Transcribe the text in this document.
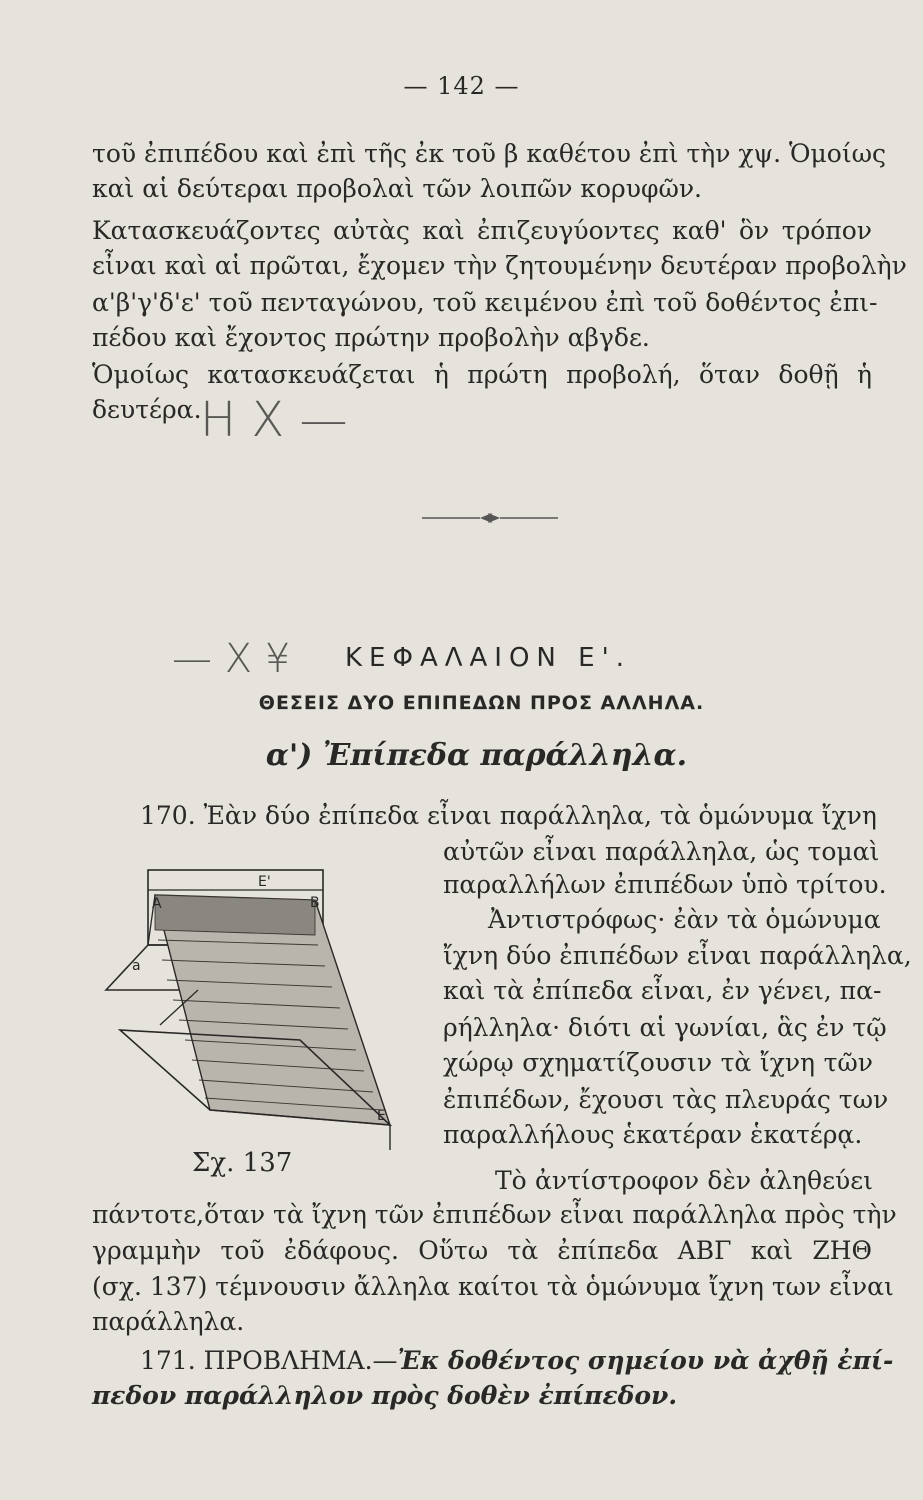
— 142 —
τοῦ ἐπιπέδου καὶ ἐπὶ τῆς ἐκ τοῦ β καθέτου ἐπὶ τὴν χψ. Ὁμοίως
καὶ αἱ δεύτεραι προβολαὶ τῶν λοιπῶν κορυφῶν.
Κατασκευάζοντες αὐτὰς καὶ ἐπιζευγύοντες καθ' ὃν τρόπον
εἶναι καὶ αἱ πρῶται, ἔχομεν τὴν ζητουμένην δευτέραν προβολὴν
α'β'γ'δ'ε' τοῦ πενταγώνου, τοῦ κειμένου ἐπὶ τοῦ δοθέντος ἐπι-
πέδου καὶ ἔχοντος πρώτην προβολὴν αβγδε.
Ὁμοίως κατασκευάζεται ἡ πρώτη προβολή, ὅταν δοθῇ ἡ
δευτέρα.
H X —
— X ¥ ΚΕΦΑΛΑΙΟΝ Ε'.
ΘΕΣΕΙΣ ΔΥΟ ΕΠΙΠΕΔΩΝ ΠΡΟΣ ΑΛΛΗΛΑ.
α') Ἐπίπεδα παράλληλα.
170. Ἐὰν δύο ἐπίπεδα εἶναι παράλληλα, τὰ ὁμώνυμα ἴχνη
αὐτῶν εἶναι παράλληλα, ὡς τομαὶ
παραλλήλων ἐπιπέδων ὑπὸ τρίτου.
Ἀντιστρόφως· ἐὰν τὰ ὁμώνυμα
ἴχνη δύο ἐπιπέδων εἶναι παράλληλα,
καὶ τὰ ἐπίπεδα εἶναι, ἐν γένει, πα-
ρήλληλα· διότι αἱ γωνίαι, ἃς ἐν τῷ
χώρῳ σχηματίζουσιν τὰ ἴχνη τῶν
ἐπιπέδων, ἔχουσι τὰς πλευράς των
παραλλήλους ἑκατέραν ἑκατέρᾳ.
Τὸ ἀντίστροφον δὲν ἀληθεύει
A	B
E'
E
a
Σχ. 137
πάντοτε,ὅταν τὰ ἴχνη τῶν ἐπιπέδων εἶναι παράλληλα πρὸς τὴν
γραμμὴν τοῦ ἐδάφους. Οὕτω τὰ ἐπίπεδα ΑΒΓ καὶ ΖΗΘ
(σχ. 137) τέμνουσιν ἄλληλα καίτοι τὰ ὁμώνυμα ἴχνη των εἶναι
παράλληλα.
171. ΠΡΟΒΛΗΜΑ.—Ἐκ δοθέντος σημείου νὰ ἀχθῇ ἐπί-
πεδον παράλληλον πρὸς δοθὲν ἐπίπεδον.
